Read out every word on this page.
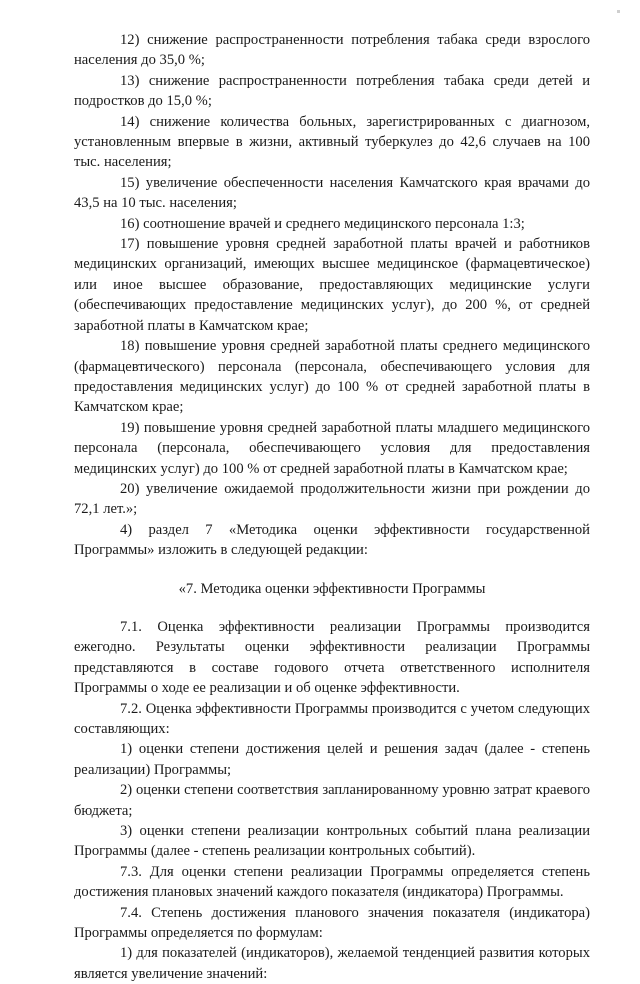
12) снижение распространенности потребления табака среди взрослого населения до 35,0 %;

13) снижение распространенности потребления табака среди детей и подростков до 15,0 %;

14) снижение количества больных, зарегистрированных с диагнозом, установленным впервые в жизни, активный туберкулез до 42,6 случаев на 100 тыс. населения;

15) увеличение обеспеченности населения Камчатского края врачами до 43,5 на 10 тыс. населения;

16) соотношение врачей и среднего медицинского персонала 1:3;

17) повышение уровня средней заработной платы врачей и работников медицинских организаций, имеющих высшее медицинское (фармацевтическое) или иное высшее образование, предоставляющих медицинские услуги (обеспечивающих предоставление медицинских услуг), до 200 %, от средней заработной платы в Камчатском крае;

18) повышение уровня средней заработной платы среднего медицинского (фармацевтического) персонала (персонала, обеспечивающего условия для предоставления медицинских услуг) до 100 % от средней заработной платы в Камчатском крае;

19) повышение уровня средней заработной платы младшего медицинского персонала (персонала, обеспечивающего условия для предоставления медицинских услуг) до 100 % от средней заработной платы в Камчатском крае;

20) увеличение ожидаемой продолжительности жизни при рождении до 72,1 лет.»;

4) раздел 7 «Методика оценки эффективности государственной Программы» изложить в следующей редакции:

«7. Методика оценки эффективности Программы

7.1. Оценка эффективности реализации Программы производится ежегодно. Результаты оценки эффективности реализации Программы представляются в составе годового отчета ответственного исполнителя Программы о ходе ее реализации и об оценке эффективности.

7.2. Оценка эффективности Программы производится с учетом следующих составляющих:

1) оценки степени достижения целей и решения задач (далее - степень реализации) Программы;

2) оценки степени соответствия запланированному уровню затрат краевого бюджета;

3) оценки степени реализации контрольных событий плана реализации Программы (далее - степень реализации контрольных событий).

7.3. Для оценки степени реализации Программы определяется степень достижения плановых значений каждого показателя (индикатора) Программы.

7.4. Степень достижения планового значения показателя (индикатора) Программы определяется по формулам:

1) для показателей (индикаторов), желаемой тенденцией развития которых является увеличение значений:
